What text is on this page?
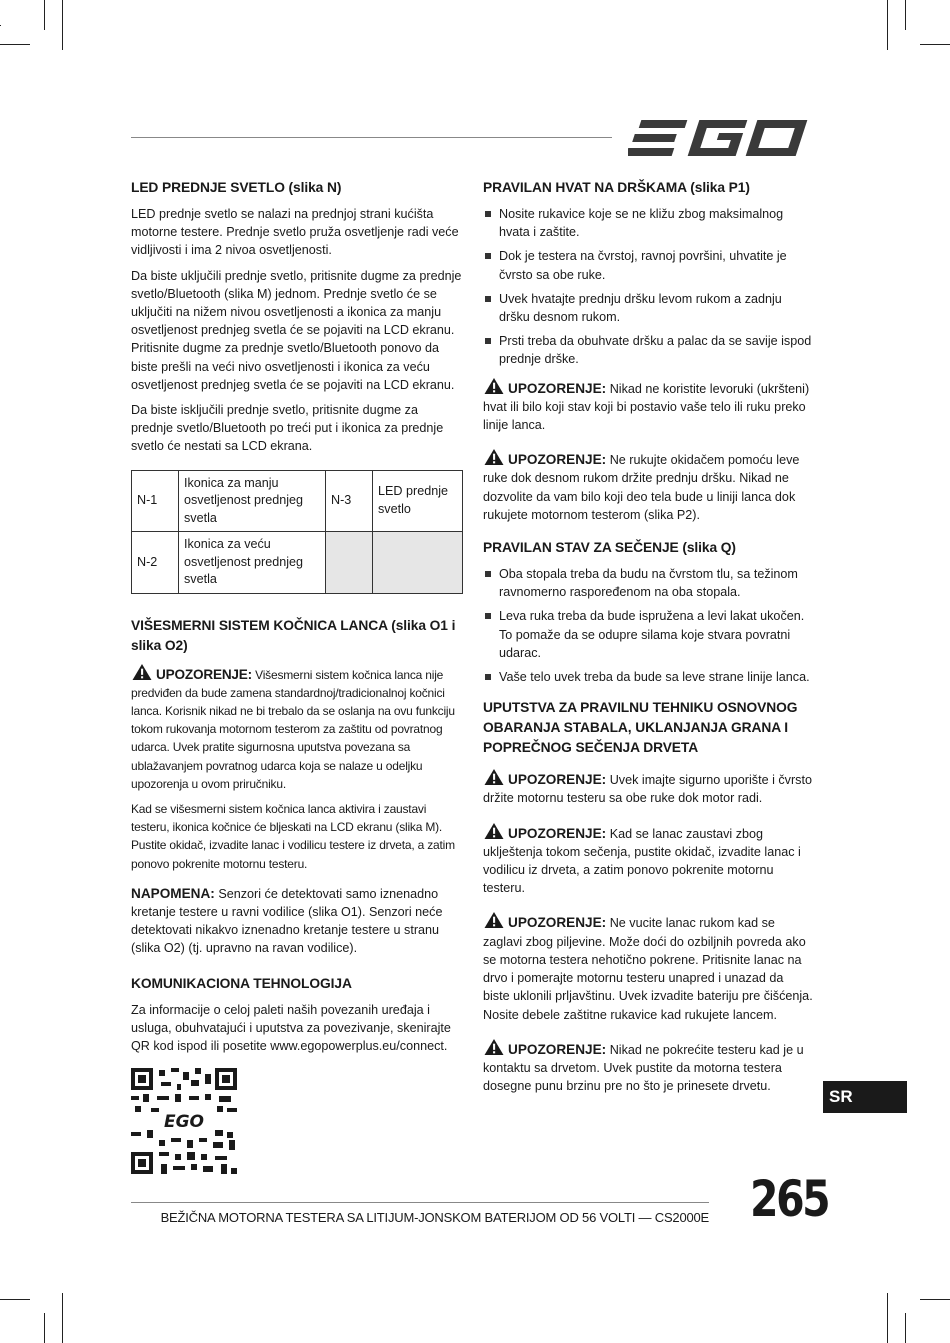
LED PREDNJE SVETLO (slika N)

LED prednje svetlo se nalazi na prednjoj strani kućišta motorne testere. Prednje svetlo pruža osvetljenje radi veće vidljivosti i ima 2 nivoa osvetljenosti.

Da biste uključili prednje svetlo, pritisnite dugme za prednje svetlo/Bluetooth (slika M) jednom. Prednje svetlo će se uključiti na nižem nivou osvetljenosti a ikonica za manju osvetljenost prednjeg svetla će se pojaviti na LCD ekranu. Pritisnite dugme za prednje svetlo/Bluetooth ponovo da biste prešli na veći nivo osvetljenosti i ikonica za veću osvetljenost prednjeg svetla će se pojaviti na LCD ekranu.

Da biste isključili prednje svetlo, pritisnite dugme za prednje svetlo/Bluetooth po treći put i ikonica za prednje svetlo će nestati sa LCD ekrana.

N-1	Ikonica za manju osvetljenost prednjeg svetla	N-3	LED prednje svetlo
N-2	Ikonica za veću osvetljenost prednjeg svetla		
VIŠESMERNI SISTEM KOČNICA LANCA (slika O1 i slika O2)

UPOZORENJE: Višesmerni sistem kočnica lanca nije predviđen da bude zamena standardnoj/tradicionalnoj kočnici lanca. Korisnik nikad ne bi trebalo da se oslanja na ovu funkciju tokom rukovanja motornom testerom za zaštitu od povratnog udarca. Uvek pratite sigurnosna uputstva povezana sa ublažavanjem povratnog udarca koja se nalaze u odeljku upozorenja u ovom priručniku.

Kad se višesmerni sistem kočnica lanca aktivira i zaustavi testeru, ikonica kočnice će bljeskati na LCD ekranu (slika M). Pustite okidač, izvadite lanac i vodilicu testere iz drveta, a zatim ponovo pokrenite motornu testeru.

NAPOMENA: Senzori će detektovati samo iznenadno kretanje testere u ravni vodilice (slika O1). Senzori neće detektovati nikakvo iznenadno kretanje testere u stranu (slika O2) (tj. upravno na ravan vodilice).

KOMUNIKACIONA TEHNOLOGIJA

Za informacije o celoj paleti naših povezanih uređaja i usluga, obuhvatajući i uputstva za povezivanje, skenirajte QR kod ispod ili posetite www.egopowerplus.eu/connect.

EGO
PRAVILAN HVAT NA DRŠKAMA (slika P1)
Nosite rukavice koje se ne kližu zbog maksimalnog hvata i zaštite.
Dok je testera na čvrstoj, ravnoj površini, uhvatite je čvrsto sa obe ruke.
Uvek hvatajte prednju dršku levom rukom a zadnju dršku desnom rukom.
Prsti treba da obuhvate dršku a palac da se savije ispod prednje drške.

UPOZORENJE: Nikad ne koristite levoruki (ukršteni) hvat ili bilo koji stav koji bi postavio vaše telo ili ruku preko linije lanca.

UPOZORENJE: Ne rukujte okidačem pomoću leve ruke dok desnom rukom držite prednju dršku. Nikad ne dozvolite da vam bilo koji deo tela bude u liniji lanca dok rukujete motornom testerom (slika P2).

PRAVILAN STAV ZA SEČENJE (slika Q)
Oba stopala treba da budu na čvrstom tlu, sa težinom ravnomerno raspoređenom na oba stopala.
Leva ruka treba da bude ispružena a levi lakat ukočen. To pomaže da se odupre silama koje stvara povratni udarac.
Vaše telo uvek treba da bude sa leve strane linije lanca.
UPUTSTVA ZA PRAVILNU TEHNIKU OSNOVNOG OBARANJA STABALA, UKLANJANJA GRANA I POPREČNOG SEČENJA DRVETA

UPOZORENJE: Uvek imajte sigurno uporište i čvrsto držite motornu testeru sa obe ruke dok motor radi.

UPOZORENJE: Kad se lanac zaustavi zbog uklještenja tokom sečenja, pustite okidač, izvadite lanac i vodilicu iz drveta, a zatim ponovo pokrenite motornu testeru.

UPOZORENJE: Ne vucite lanac rukom kad se zaglavi zbog piljevine. Može doći do ozbiljnih povreda ako se motorna testera nehotično pokrene. Pritisnite lanac na drvo i pomerajte motornu testeru unapred i unazad da biste uklonili prljavštinu. Uvek izvadite bateriju pre čišćenja. Nosite debele zaštitne rukavice kad rukujete lancem.

UPOZORENJE: Nikad ne pokrećite testeru kad je u kontaktu sa drvetom. Uvek pustite da motorna testera dosegne punu brzinu pre no što je prinesete drvetu.

SR
BEŽIČNA MOTORNA TESTERA SA LITIJUM-JONSKOM BATERIJOM OD 56 VOLTI — CS2000E 265
